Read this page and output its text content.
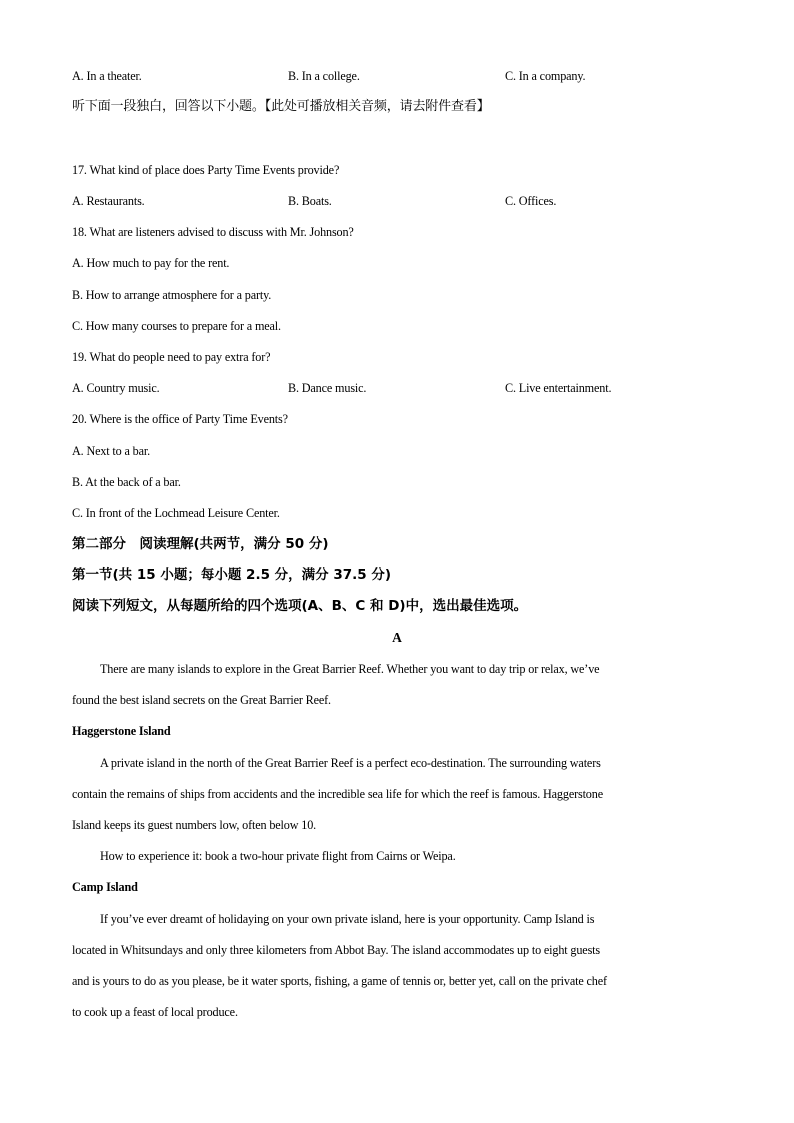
A. In a theater.	B. In a college.	C. In a company.
听下面一段独白，回答以下小题。【此处可播放相关音频，请去附件查看】
17. What kind of place does Party Time Events provide?
A. Restaurants.	B. Boats.	C. Offices.
18. What are listeners advised to discuss with Mr. Johnson?
A. How much to pay for the rent.
B. How to arrange atmosphere for a party.
C. How many courses to prepare for a meal.
19. What do people need to pay extra for?
A. Country music.	B. Dance music.	C. Live entertainment.
20. Where is the office of Party Time Events?
A. Next to a bar.
B. At the back of a bar.
C. In front of the Lochmead Leisure Center.
第二部分　阅读理解(共两节，满分 50 分)
第一节(共 15 小题；每小题 2.5 分，满分 37.5 分)
阅读下列短文，从每题所给的四个选项(A、B、C 和 D)中，选出最佳选项。
A
There are many islands to explore in the Great Barrier Reef. Whether you want to day trip or relax, we’ve
found the best island secrets on the Great Barrier Reef.
Haggerstone Island
A private island in the north of the Great Barrier Reef is a perfect eco-destination. The surrounding waters
contain the remains of ships from accidents and the incredible sea life for which the reef is famous. Haggerstone
Island keeps its guest numbers low, often below 10.
How to experience it: book a two-hour private flight from Cairns or Weipa.
Camp Island
If you’ve ever dreamt of holidaying on your own private island, here is your opportunity. Camp Island is
located in Whitsundays and only three kilometers from Abbot Bay. The island accommodates up to eight guests
and is yours to do as you please, be it water sports, fishing, a game of tennis or, better yet, call on the private chef
to cook up a feast of local produce.
